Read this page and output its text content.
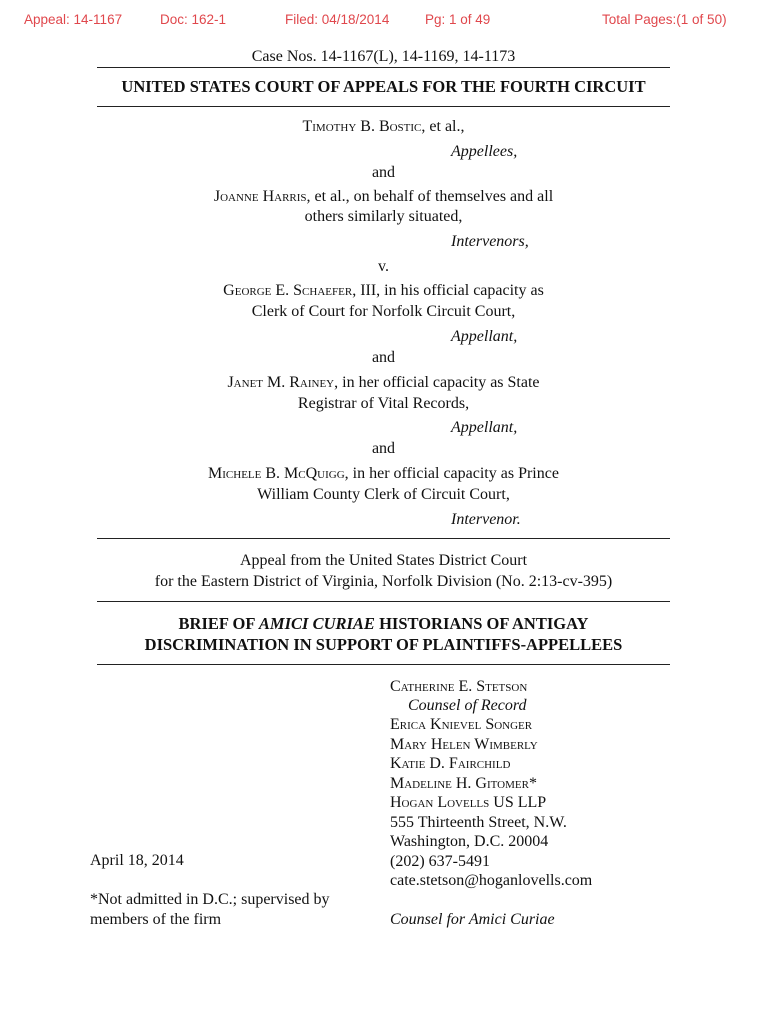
Appeal: 14-1167	Doc: 162-1	Filed: 04/18/2014	Pg: 1 of 49	Total Pages:(1 of 50)
Case Nos. 14-1167(L), 14-1169, 14-1173
UNITED STATES COURT OF APPEALS FOR THE FOURTH CIRCUIT
Timothy B. Bostic, et al.,
Appellees,
and
Joanne Harris, et al., on behalf of themselves and all
others similarly situated,
Intervenors,
v.
George E. Schaefer, III, in his official capacity as
Clerk of Court for Norfolk Circuit Court,
Appellant,
and
Janet M. Rainey, in her official capacity as State
Registrar of Vital Records,
Appellant,
and
Michele B. McQuigg, in her official capacity as Prince
William County Clerk of Circuit Court,
Intervenor.
Appeal from the United States District Court
for the Eastern District of Virginia, Norfolk Division (No. 2:13-cv-395)
BRIEF OF AMICI CURIAE HISTORIANS OF ANTIGAY
DISCRIMINATION IN SUPPORT OF PLAINTIFFS-APPELLEES
Catherine E. Stetson
Counsel of Record
Erica Knievel Songer
Mary Helen Wimberly
Katie D. Fairchild
Madeline H. Gitomer*
Hogan Lovells US LLP
555 Thirteenth Street, N.W.
Washington, D.C. 20004
(202) 637-5491
cate.stetson@hoganlovells.com
Counsel for Amici Curiae
April 18, 2014
*Not admitted in D.C.; supervised by
members of the firm
